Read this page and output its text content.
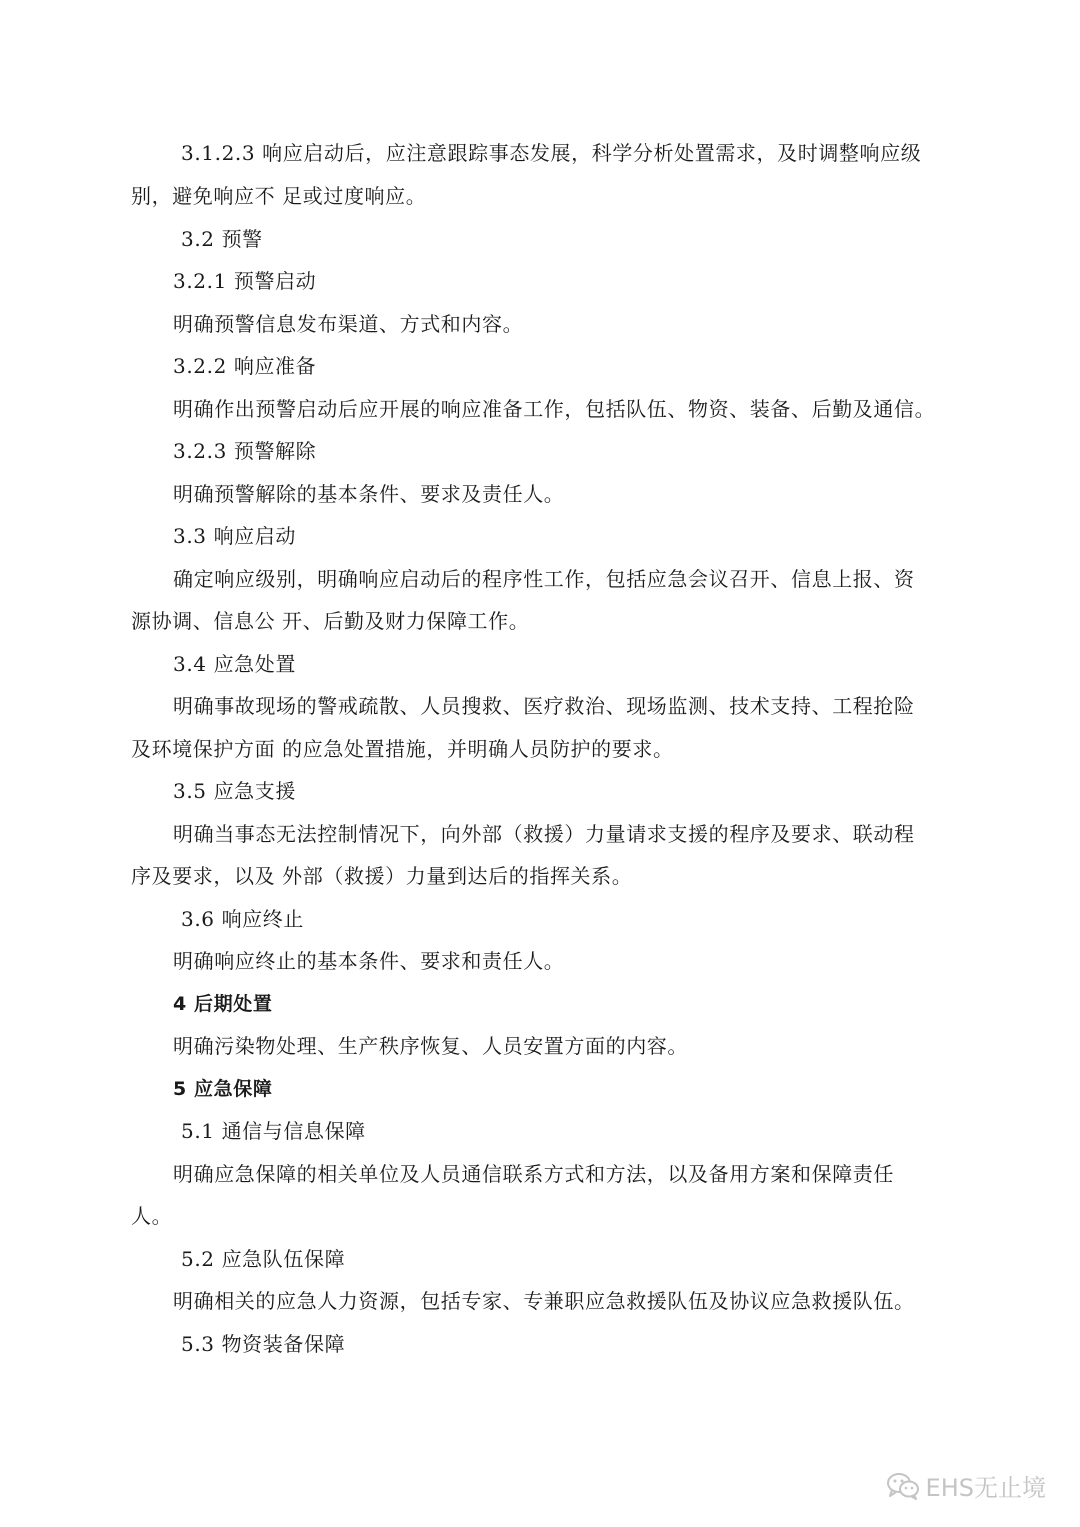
3.1.2.3 响应启动后，应注意跟踪事态发展，科学分析处置需求，及时调整响应级
别，避免响应不 足或过度响应。
3.2 预警
3.2.1 预警启动
明确预警信息发布渠道、方式和内容。
3.2.2 响应准备
明确作出预警启动后应开展的响应准备工作，包括队伍、物资、装备、后勤及通信。
3.2.3 预警解除
明确预警解除的基本条件、要求及责任人。
3.3 响应启动
确定响应级别，明确响应启动后的程序性工作，包括应急会议召开、信息上报、资
源协调、信息公 开、后勤及财力保障工作。
3.4 应急处置
明确事故现场的警戒疏散、人员搜救、医疗救治、现场监测、技术支持、工程抢险
及环境保护方面 的应急处置措施，并明确人员防护的要求。
3.5 应急支援
明确当事态无法控制情况下，向外部（救援）力量请求支援的程序及要求、联动程
序及要求，以及 外部（救援）力量到达后的指挥关系。
3.6 响应终止
明确响应终止的基本条件、要求和责任人。
4 后期处置
明确污染物处理、生产秩序恢复、人员安置方面的内容。
5 应急保障
5.1 通信与信息保障
明确应急保障的相关单位及人员通信联系方式和方法，以及备用方案和保障责任
人。
5.2 应急队伍保障
明确相关的应急人力资源，包括专家、专兼职应急救援队伍及协议应急救援队伍。
5.3 物资装备保障
EHS无止境
